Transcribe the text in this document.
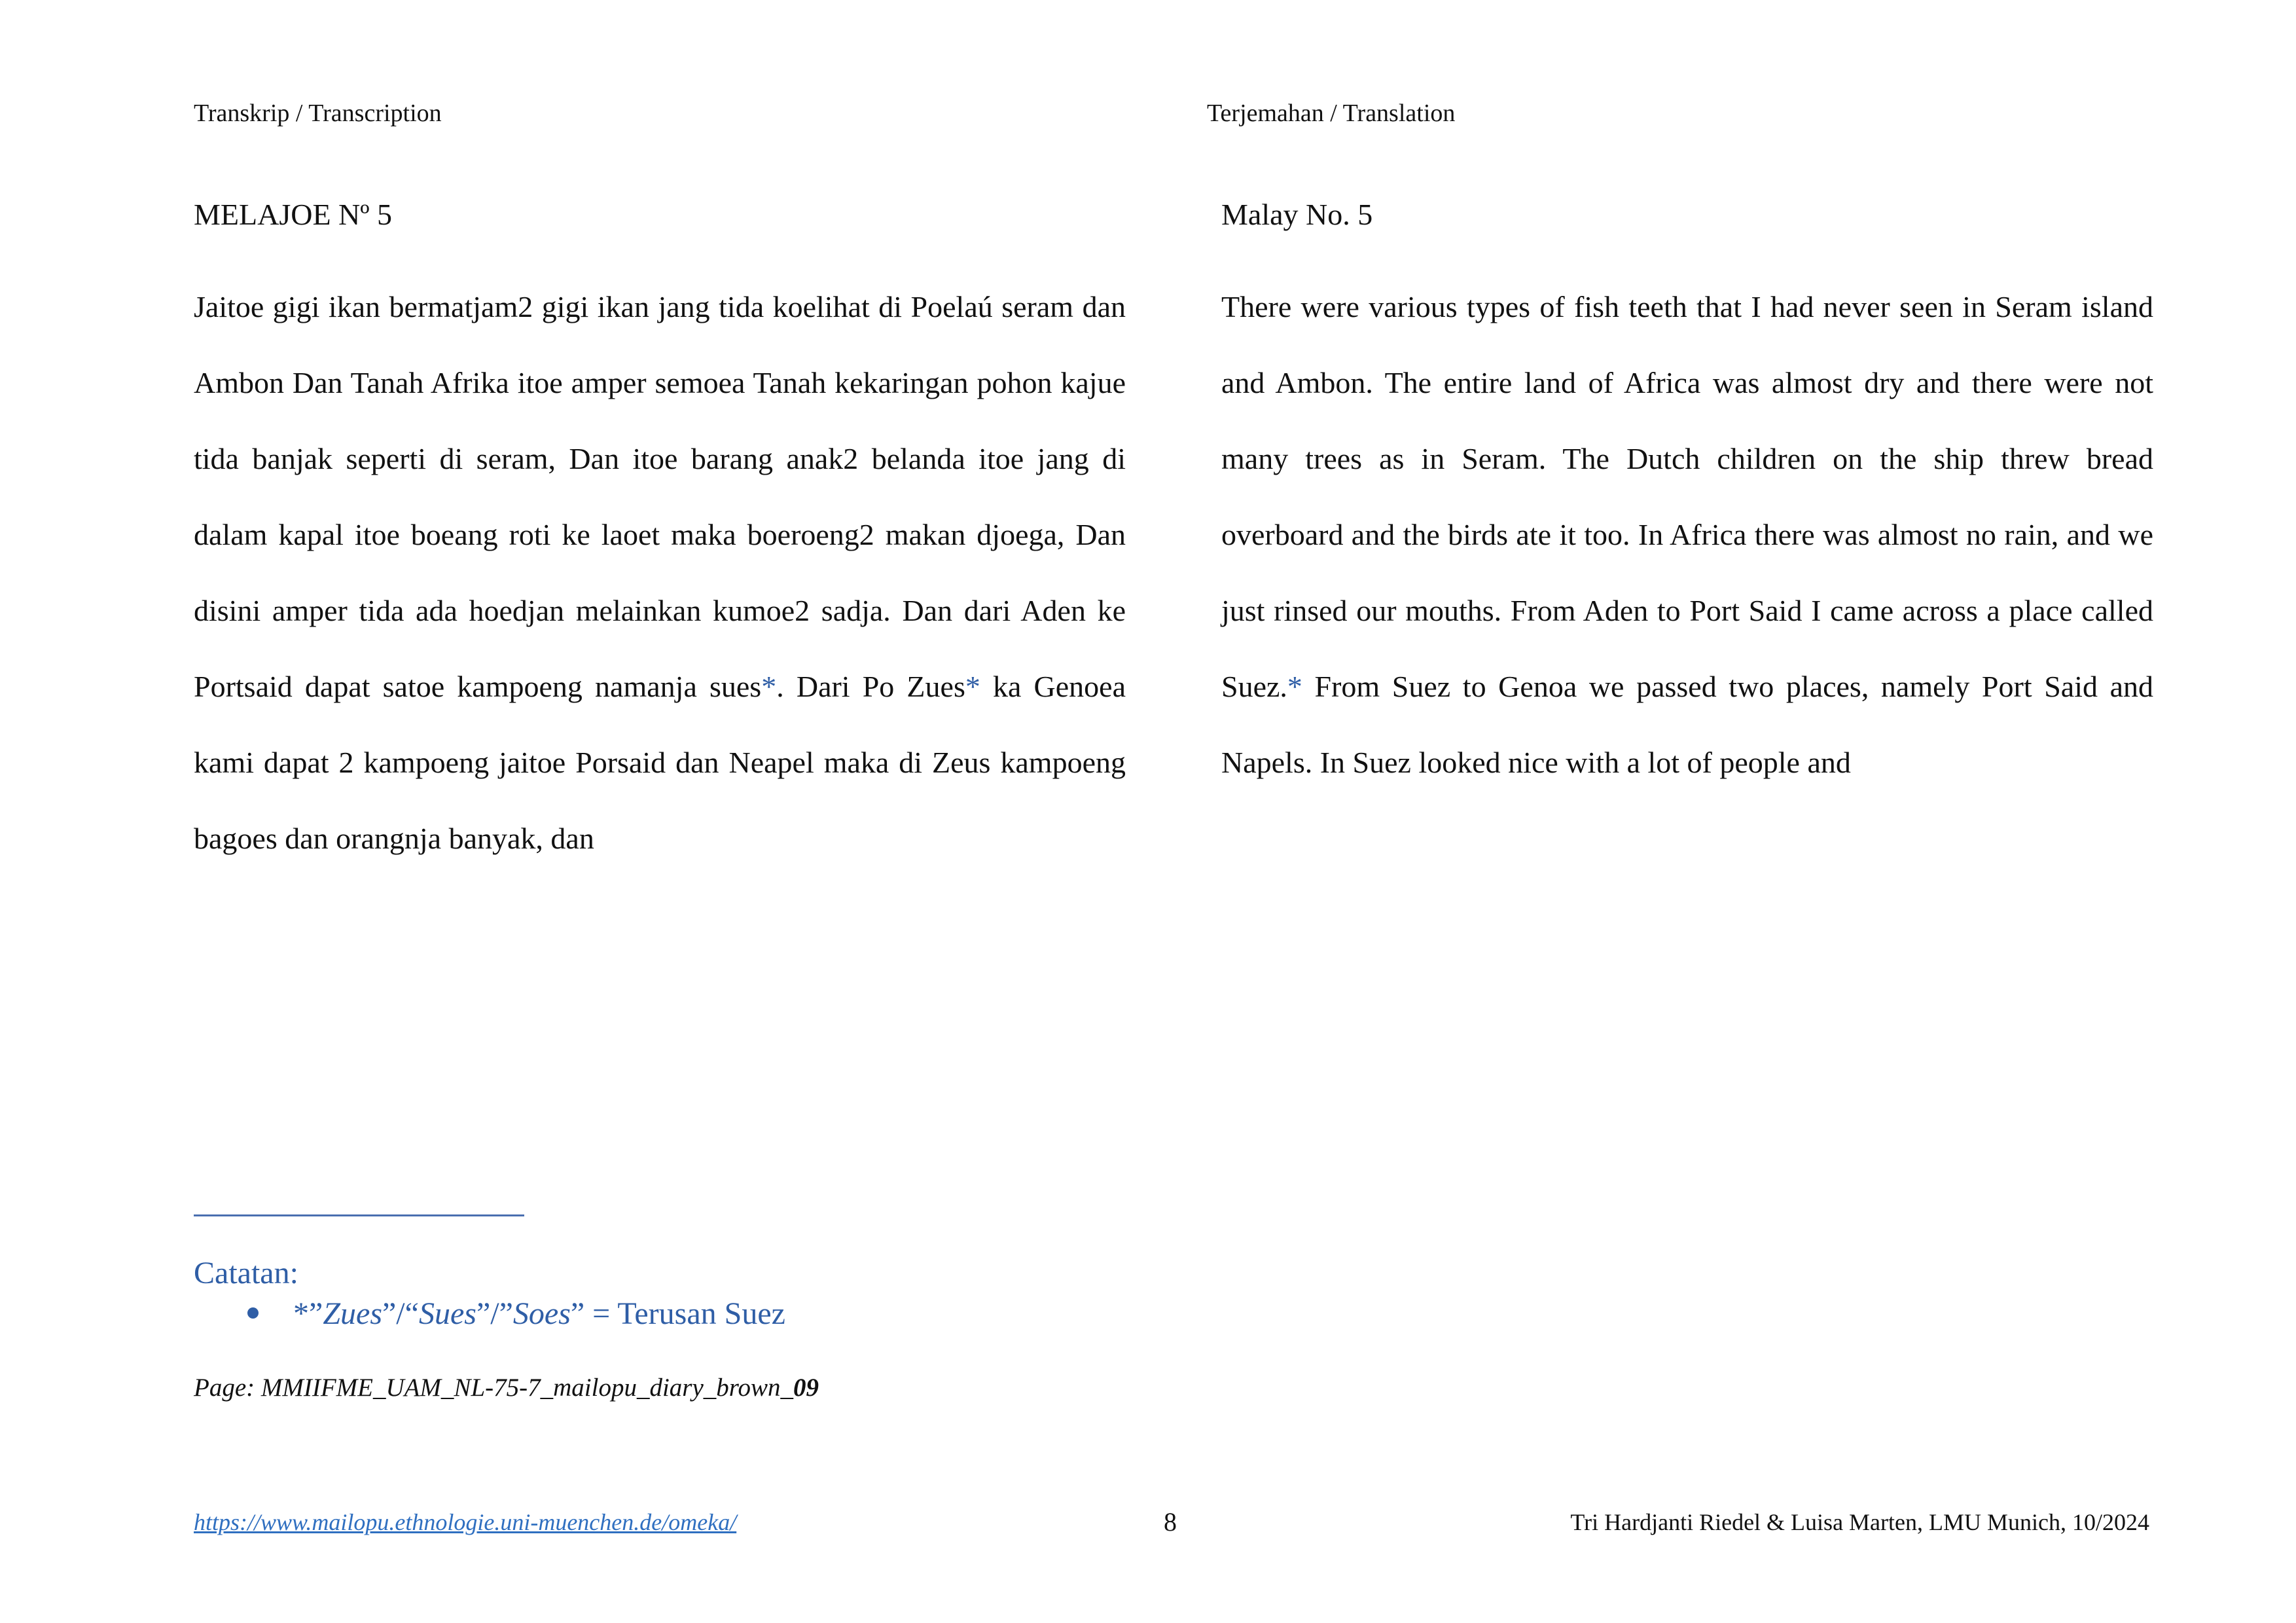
Transkrip / Transcription	Terjemahan / Translation
MELAJOE Nº 5

Jaitoe gigi ikan bermatjam2 gigi ikan jang tida koelihat di Poelaú seram dan Ambon Dan Tanah Afrika itoe amper semoea Tanah kekaringan pohon kajue tida banjak seperti di seram, Dan itoe barang anak2 belanda itoe jang di dalam kapal itoe boeang roti ke laoet maka boeroeng2 makan djoega, Dan disini amper tida ada hoedjan melainkan kumoe2 sadja. Dan dari Aden ke Portsaid dapat satoe kampoeng namanja sues*. Dari Po Zues* ka Genoea kami dapat 2 kampoeng jaitoe Porsaid dan Neapel maka di Zeus kampoeng bagoes dan orangnja banyak, dan

Malay No. 5

There were various types of fish teeth that I had never seen in Seram island and Ambon. The entire land of Africa was almost dry and there were not many trees as in Seram. The Dutch children on the ship threw bread overboard and the birds ate it too. In Africa there was almost no rain, and we just rinsed our mouths. From Aden to Port Said I came across a place called Suez.* From Suez to Genoa we passed two places, namely Port Said and Napels. In Suez looked nice with a lot of people and

Catatan:
*”Zues”/“Sues”/”Soes” = Terusan Suez
Page: MMIIFME_UAM_NL-75-7_mailopu_diary_brown_09
https://www.mailopu.ethnologie.uni-muenchen.de/omeka/	8	Tri Hardjanti Riedel & Luisa Marten, LMU Munich, 10/2024
